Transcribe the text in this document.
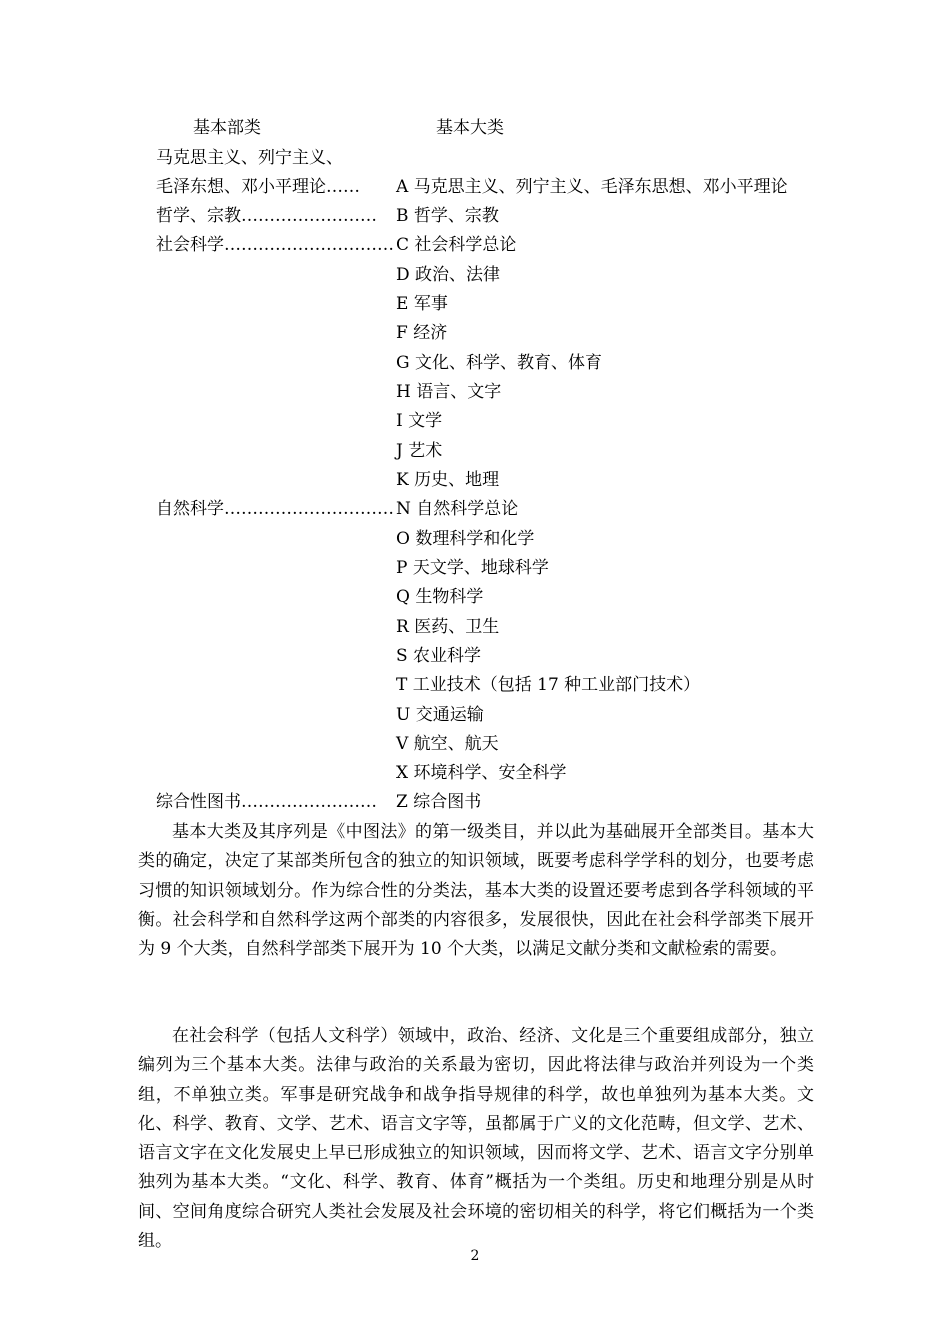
基本部类	基本大类
马克思主义、列宁主义、
毛泽东想、邓小平理论…… A 马克思主义、列宁主义、毛泽东思想、邓小平理论
哲学、宗教…………………… B 哲学、宗教
社会科学………………………… C 社会科学总论
D 政治、法律
E 军事
F 经济
G 文化、科学、教育、体育
H 语言、文字
I 文学
J 艺术
K 历史、地理
自然科学………………………… N 自然科学总论
O 数理科学和化学
P 天文学、地球科学
Q 生物科学
R 医药、卫生
S 农业科学
T 工业技术（包括 17 种工业部门技术）
U 交通运输
V 航空、航天
X 环境科学、安全科学
综合性图书…………………… Z 综合图书

基本大类及其序列是《中图法》的第一级类目，并以此为基础展开全部类目。基本大类的确定，决定了某部类所包含的独立的知识领域，既要考虑科学学科的划分，也要考虑习惯的知识领域划分。作为综合性的分类法，基本大类的设置还要考虑到各学科领域的平衡。社会科学和自然科学这两个部类的内容很多，发展很快，因此在社会科学部类下展开为 9 个大类，自然科学部类下展开为 10 个大类，以满足文献分类和文献检索的需要。

在社会科学（包括人文科学）领域中，政治、经济、文化是三个重要组成部分，独立编列为三个基本大类。法律与政治的关系最为密切，因此将法律与政治并列设为一个类组，不单独立类。军事是研究战争和战争指导规律的科学，故也单独列为基本大类。文化、科学、教育、文学、艺术、语言文字等，虽都属于广义的文化范畴，但文学、艺术、语言文字在文化发展史上早已形成独立的知识领域，因而将文学、艺术、语言文字分别单独列为基本大类。“文化、科学、教育、体育”概括为一个类组。历史和地理分别是从时间、空间角度综合研究人类社会发展及社会环境的密切相关的科学，将它们概括为一个类组。

2
